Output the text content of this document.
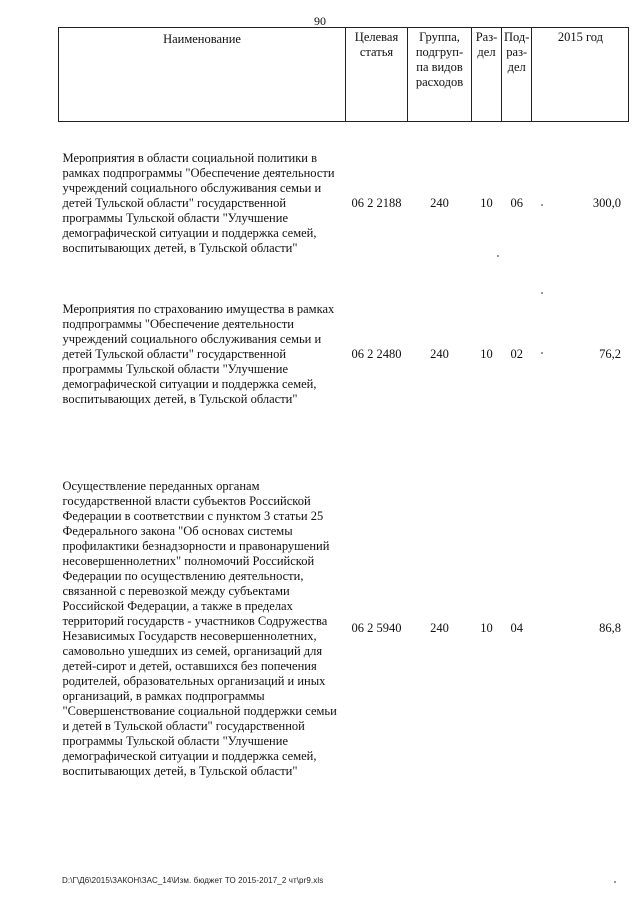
90
Наименование	Целевая статья	Группа, подгруп-па видов расходов	Раз-дел	Под-раз-дел	2015 год

Мероприятия в области социальной политики в рамках подпрограммы "Обеспечение деятельности учреждений социального обслуживания семьи и детей Тульской области" государственной программы Тульской области "Улучшение демографической ситуации и поддержка семей, воспитывающих детей, в Тульской области"	06 2 2188	240	10	06	300,0

Мероприятия по страхованию имущества в рамках подпрограммы "Обеспечение деятельности учреждений социального обслуживания семьи и детей Тульской области" государственной программы Тульской области "Улучшение демографической ситуации и поддержка семей, воспитывающих детей, в Тульской области"	06 2 2480	240	10	02	76,2

Осуществление переданных органам государственной власти субъектов Российской Федерации в соответствии с пунктом 3 статьи 25 Федерального закона "Об основах системы профилактики безнадзорности и правонарушений несовершеннолетних" полномочий Российской Федерации по осуществлению деятельности, связанной с перевозкой между субъектами Российской Федерации, а также в пределах территорий государств - участников Содружества Независимых Государств несовершеннолетних, самовольно ушедших из семей, организаций для детей-сирот и детей, оставшихся без попечения родителей, образовательных организаций и иных организаций, в рамках подпрограммы "Совершенствование социальной поддержки семьи и детей в Тульской области" государственной программы Тульской области "Улучшение демографической ситуации и поддержка семей, воспитывающих детей, в Тульской области"	06 2 5940	240	10	04	86,8
D:\Г\Д6\2015\ЗАКОН\ЗАС_14\Изм. бюджет ТО 2015-2017_2 чт\рr9.xls
